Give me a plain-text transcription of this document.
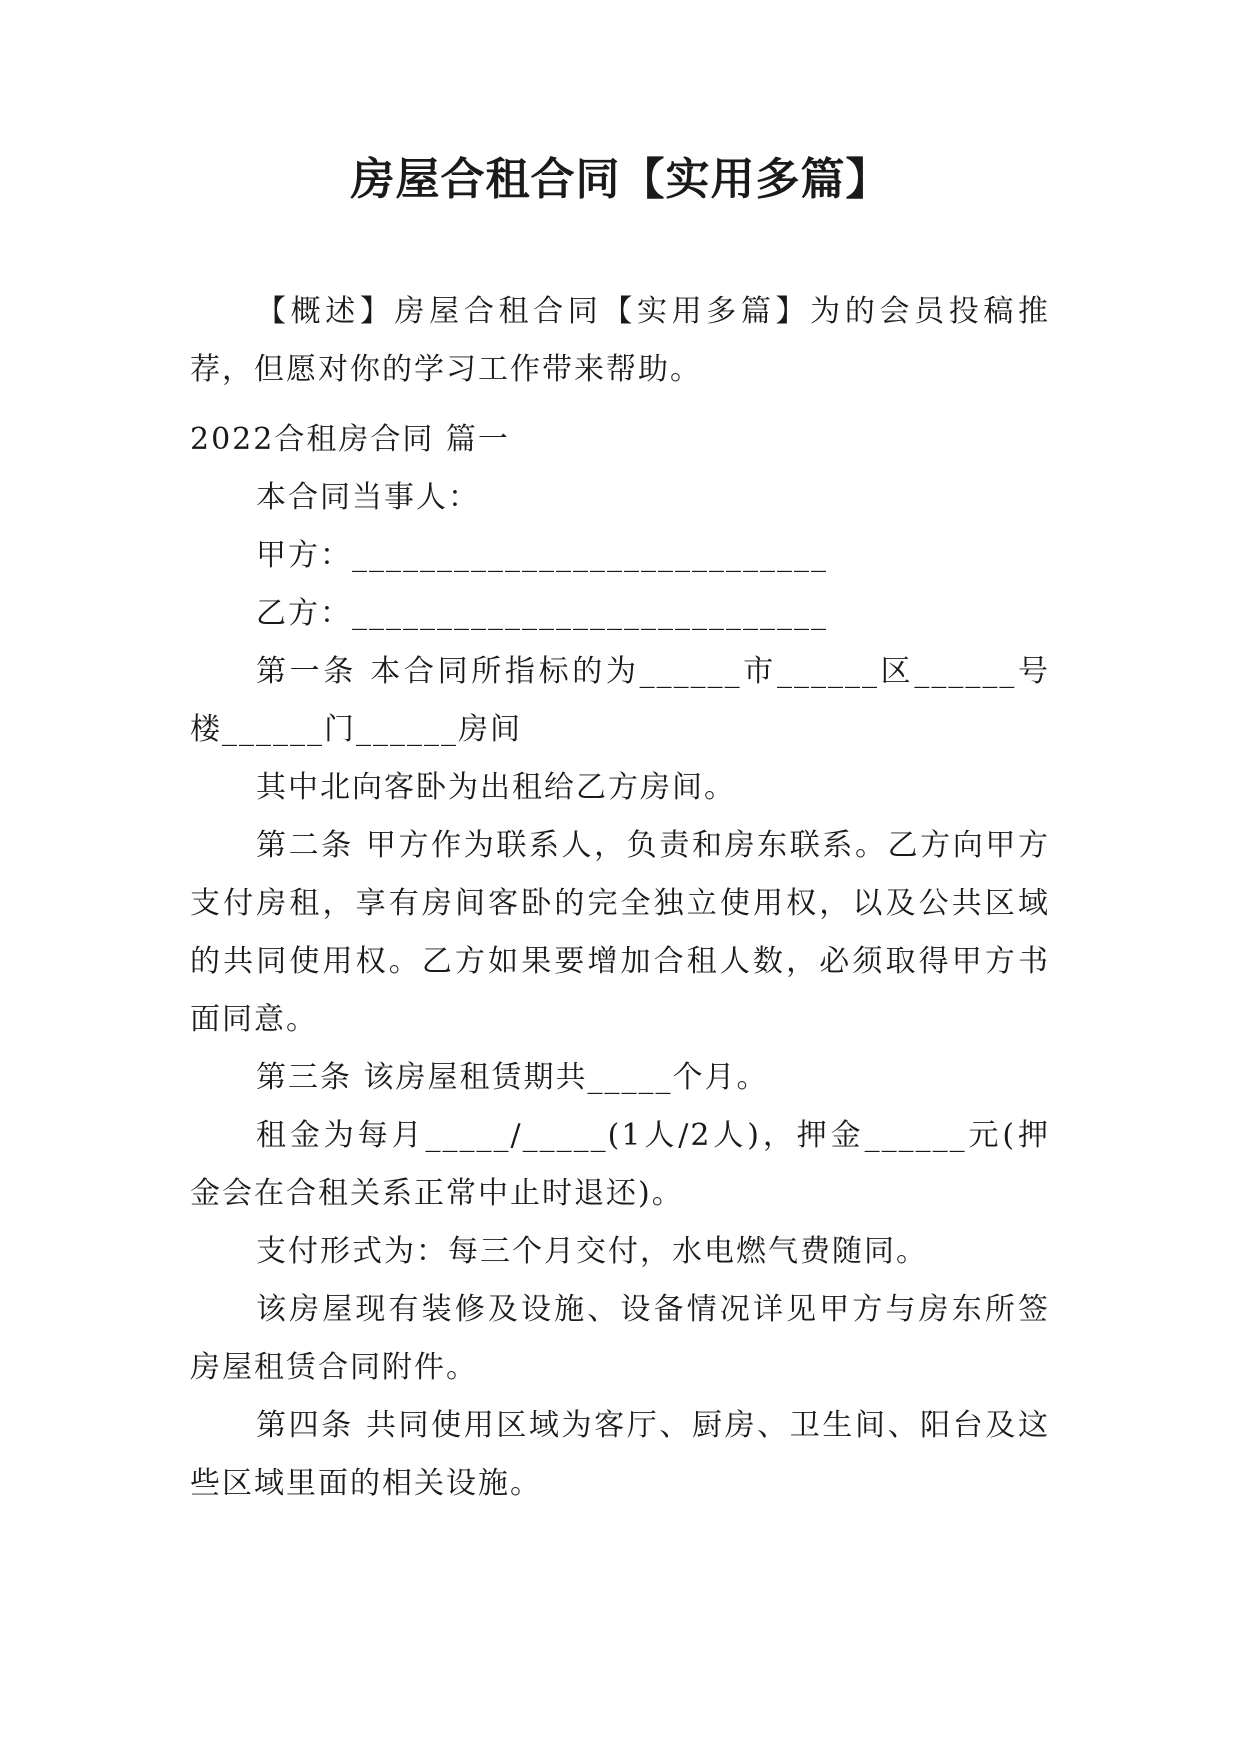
房屋合租合同【实用多篇】

【概述】房屋合租合同【实用多篇】为的会员投稿推荐，但愿对你的学习工作带来帮助。

2022合租房合同 篇一

本合同当事人：

甲方：____________________________

乙方：____________________________

第一条 本合同所指标的为______市______区______号楼______门______房间

其中北向客卧为出租给乙方房间。

第二条 甲方作为联系人，负责和房东联系。乙方向甲方支付房租，享有房间客卧的完全独立使用权，以及公共区域的共同使用权。乙方如果要增加合租人数，必须取得甲方书面同意。

第三条 该房屋租赁期共_____个月。

租金为每月_____/_____(1人/2人)，押金______元(押金会在合租关系正常中止时退还)。

支付形式为：每三个月交付，水电燃气费随同。

该房屋现有装修及设施、设备情况详见甲方与房东所签房屋租赁合同附件。

第四条 共同使用区域为客厅、厨房、卫生间、阳台及这些区域里面的相关设施。
